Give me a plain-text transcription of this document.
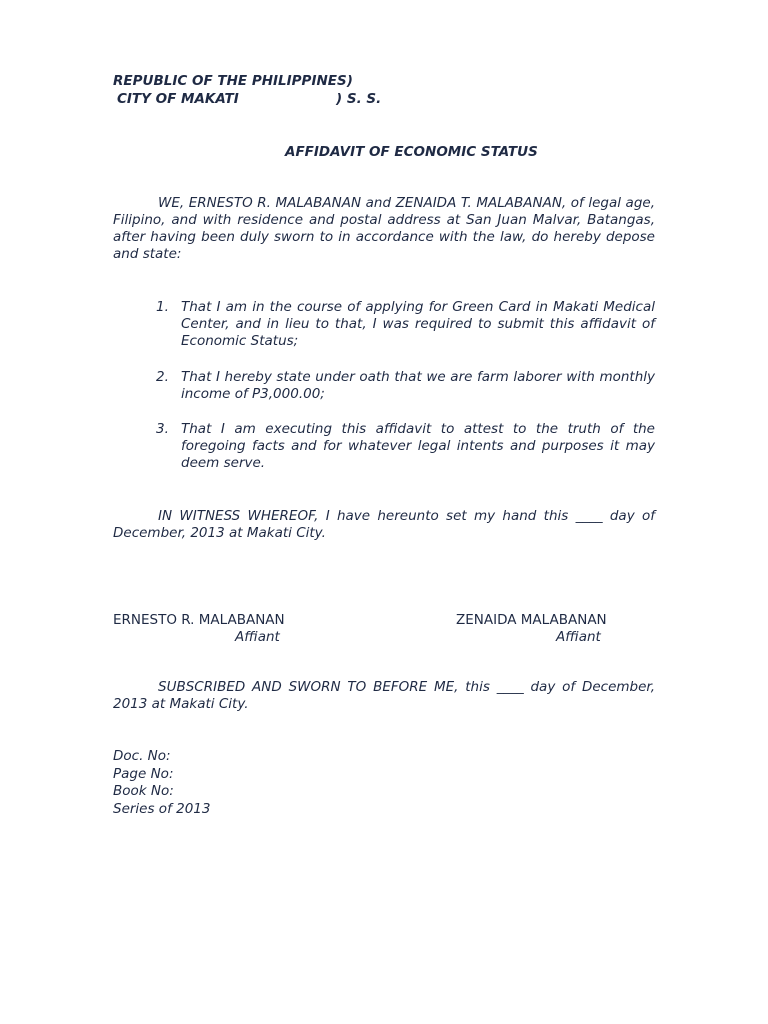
REPUBLIC OF THE PHILIPPINES)
CITY OF MAKATI	) S. S.
AFFIDAVIT OF ECONOMIC STATUS
WE, ERNESTO R. MALABANAN and ZENAIDA T. MALABANAN, of legal age, Filipino, and with residence and postal address at San Juan Malvar, Batangas, after having been duly sworn to in accordance with the law, do hereby depose and state:
1. That I am in the course of applying for Green Card in Makati Medical Center, and in lieu to that, I was required to submit this affidavit of Economic Status;
2. That I hereby state under oath that we are farm laborer with monthly income of P3,000.00;
3. That I am executing this affidavit to attest to the truth of the foregoing facts and for whatever legal intents and purposes it may deem serve.
IN WITNESS WHEREOF, I have hereunto set my hand this ____ day of December, 2013 at Makati City.
ERNESTO R. MALABANAN
Affiant
ZENAIDA MALABANAN
Affiant
SUBSCRIBED AND SWORN TO BEFORE ME, this ____ day of December, 2013 at Makati City.
Doc. No:
Page No:
Book No:
Series of 2013
